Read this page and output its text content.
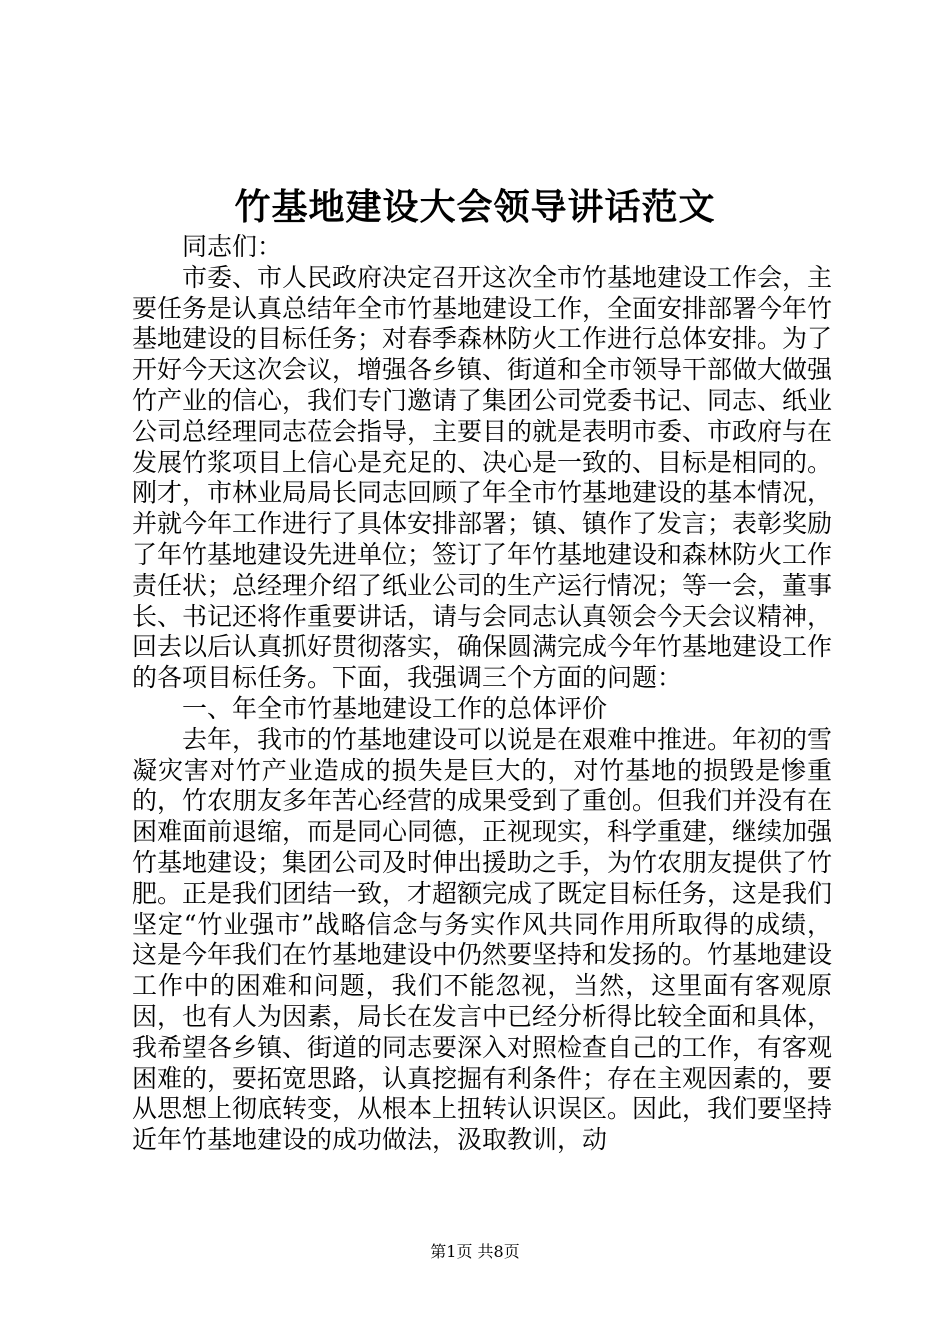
竹基地建设大会领导讲话范文

同志们：

市委、市人民政府决定召开这次全市竹基地建设工作会，主要任务是认真总结年全市竹基地建设工作，全面安排部署今年竹基地建设的目标任务；对春季森林防火工作进行总体安排。为了开好今天这次会议，增强各乡镇、街道和全市领导干部做大做强竹产业的信心，我们专门邀请了集团公司党委书记、同志、纸业公司总经理同志莅会指导，主要目的就是表明市委、市政府与在发展竹浆项目上信心是充足的、决心是一致的、目标是相同的。刚才，市林业局局长同志回顾了年全市竹基地建设的基本情况，并就今年工作进行了具体安排部署；镇、镇作了发言；表彰奖励了年竹基地建设先进单位；签订了年竹基地建设和森林防火工作责任状；总经理介绍了纸业公司的生产运行情况；等一会，董事长、书记还将作重要讲话，请与会同志认真领会今天会议精神，回去以后认真抓好贯彻落实，确保圆满完成今年竹基地建设工作的各项目标任务。下面，我强调三个方面的问题：

一、年全市竹基地建设工作的总体评价

去年，我市的竹基地建设可以说是在艰难中推进。年初的雪凝灾害对竹产业造成的损失是巨大的，对竹基地的损毁是惨重的，竹农朋友多年苦心经营的成果受到了重创。但我们并没有在困难面前退缩，而是同心同德，正视现实，科学重建，继续加强竹基地建设；集团公司及时伸出援助之手，为竹农朋友提供了竹肥。正是我们团结一致，才超额完成了既定目标任务，这是我们坚定“竹业强市”战略信念与务实作风共同作用所取得的成绩，这是今年我们在竹基地建设中仍然要坚持和发扬的。竹基地建设工作中的困难和问题，我们不能忽视，当然，这里面有客观原因，也有人为因素，局长在发言中已经分析得比较全面和具体，我希望各乡镇、街道的同志要深入对照检查自己的工作，有客观困难的，要拓宽思路，认真挖掘有利条件；存在主观因素的，要从思想上彻底转变，从根本上扭转认识误区。因此，我们要坚持近年竹基地建设的成功做法，汲取教训，动

第1页 共8页
